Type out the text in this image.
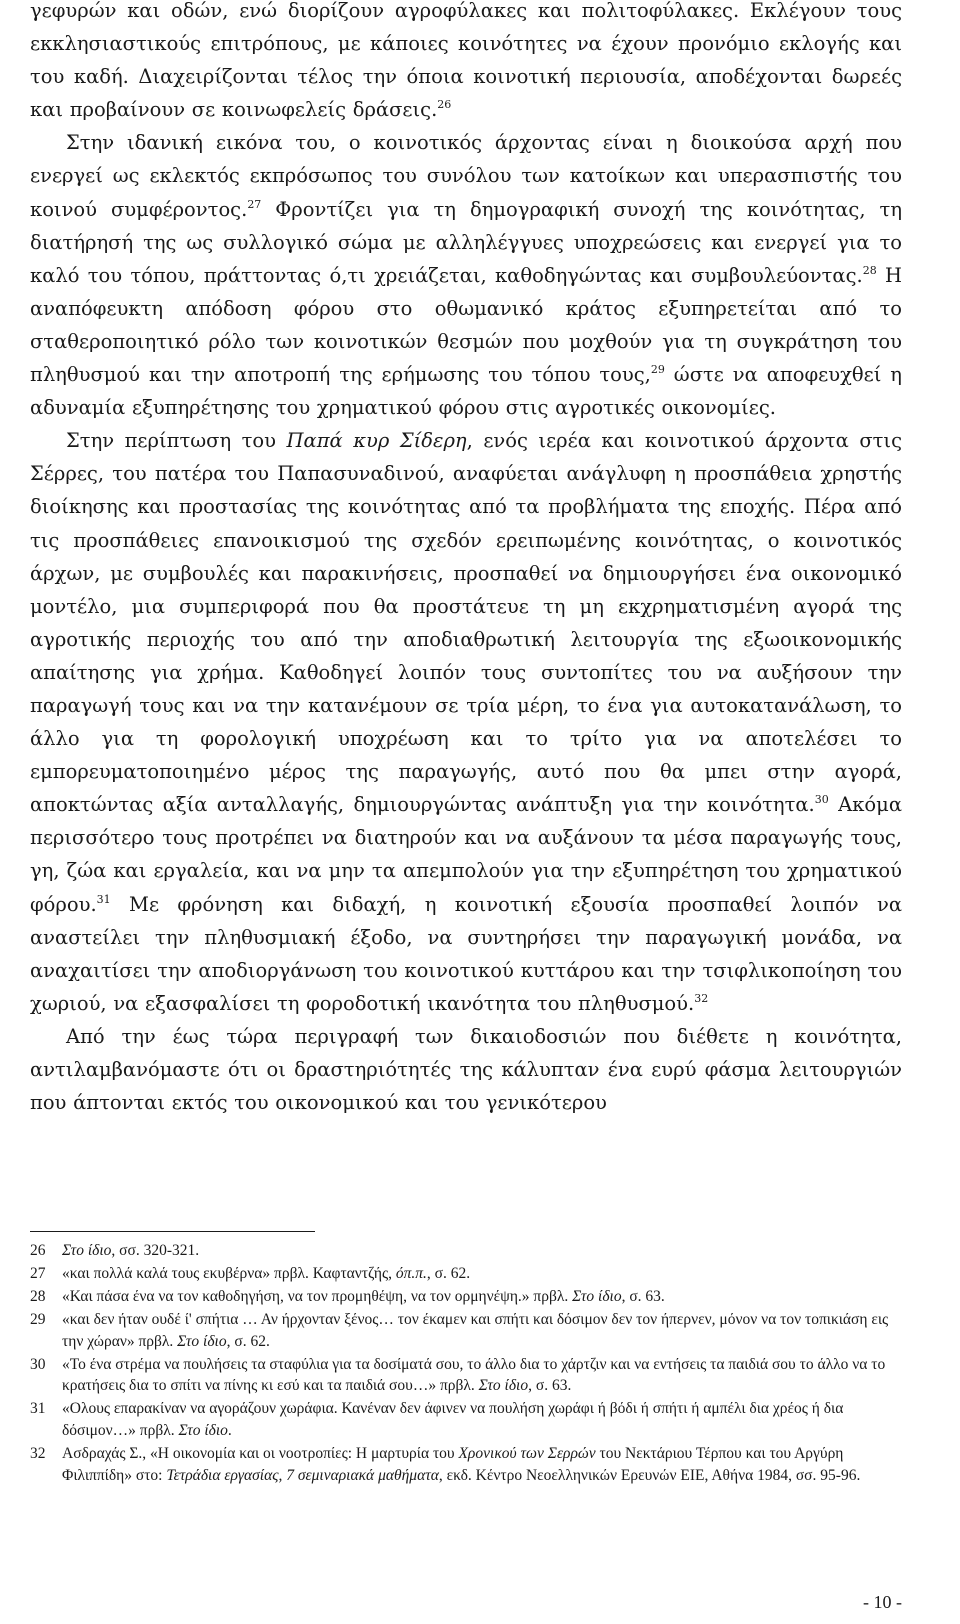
γεφυρών και οδών, ενώ διορίζουν αγροφύλακες και πολιτοφύλακες. Εκλέγουν τους εκκλησιαστικούς επιτρόπους, με κάποιες κοινότητες να έχουν προνόμιο εκλογής και του καδή. Διαχειρίζονται τέλος την όποια κοινοτική περιουσία, αποδέχονται δωρεές και προβαίνουν σε κοινωφελείς δράσεις.$^{26}$

Στην ιδανική εικόνα του, ο κοινοτικός άρχοντας είναι η διοικούσα αρχή που ενεργεί ως εκλεκτός εκπρόσωπος του συνόλου των κατοίκων και υπερασπιστής του κοινού συμφέροντος.$^{27}$ Φροντίζει για τη δημογραφική συνοχή της κοινότητας, τη διατήρησή της ως συλλογικό σώμα με αλληλέγγυες υποχρεώσεις και ενεργεί για το καλό του τόπου, πράττοντας ό,τι χρειάζεται, καθοδηγώντας και συμβουλεύοντας.$^{28}$ Η αναπόφευκτη απόδοση φόρου στο οθωμανικό κράτος εξυπηρετείται από το σταθεροποιητικό ρόλο των κοινοτικών θεσμών που μοχθούν για τη συγκράτηση του πληθυσμού και την αποτροπή της ερήμωσης του τόπου τους,$^{29}$ ώστε να αποφευχθεί η αδυναμία εξυπηρέτησης του χρηματικού φόρου στις αγροτικές οικονομίες.

Στην περίπτωση του Παπά κυρ Σίδερη, ενός ιερέα και κοινοτικού άρχοντα στις Σέρρες, του πατέρα του Παπασυναδινού, αναφύεται ανάγλυφη η προσπάθεια χρηστής διοίκησης και προστασίας της κοινότητας από τα προβλήματα της εποχής. Πέρα από τις προσπάθειες επανοικισμού της σχεδόν ερειπωμένης κοινότητας, ο κοινοτικός άρχων, με συμβουλές και παρακινήσεις, προσπαθεί να δημιουργήσει ένα οικονομικό μοντέλο, μια συμπεριφορά που θα προστάτευε τη μη εκχρηματισμένη αγορά της αγροτικής περιοχής του από την αποδιαθρωτική λειτουργία της εξωοικονομικής απαίτησης για χρήμα. Καθοδηγεί λοιπόν τους συντοπίτες του να αυξήσουν την παραγωγή τους και να την κατανέμουν σε τρία μέρη, το ένα για αυτοκατανάλωση, το άλλο για τη φορολογική υποχρέωση και το τρίτο για να αποτελέσει το εμπορευματοποιημένο μέρος της παραγωγής, αυτό που θα μπει στην αγορά, αποκτώντας αξία ανταλλαγής, δημιουργώντας ανάπτυξη για την κοινότητα.$^{30}$ Ακόμα περισσότερο τους προτρέπει να διατηρούν και να αυξάνουν τα μέσα παραγωγής τους, γη, ζώα και εργαλεία, και να μην τα απεμπολούν για την εξυπηρέτηση του χρηματικού φόρου.$^{31}$ Με φρόνηση και διδαχή, η κοινοτική εξουσία προσπαθεί λοιπόν να αναστείλει την πληθυσμιακή έξοδο, να συντηρήσει την παραγωγική μονάδα, να αναχαιτίσει την αποδιοργάνωση του κοινοτικού κυττάρου και την τσιφλικοποίηση του χωριού, να εξασφαλίσει τη φοροδοτική ικανότητα του πληθυσμού.$^{32}$

Από την έως τώρα περιγραφή των δικαιοδοσιών που διέθετε η κοινότητα, αντιλαμβανόμαστε ότι οι δραστηριότητές της κάλυπταν ένα ευρύ φάσμα λειτουργιών που άπτονται εκτός του οικονομικού και του γενικότερου

26 Στο ίδιο, σσ. 320-321.
27 «και πολλά καλά τους εκυβέρνα» πρβλ. Καφταντζής, όπ.π., σ. 62.
28 «Και πάσα ένα να τον καθοδηγήση, να τον προμηθέψη, να τον ορμηνέψη.» πρβλ. Στο ίδιο, σ. 63.
29 «και δεν ήταν ουδέ ί' σπήτια … Αν ήρχονταν ξένος… τον έκαμεν και σπήτι και δόσιμον δεν τον ήπερνεν, μόνον να τον τοπικιάση εις την χώραν» πρβλ. Στο ίδιο, σ. 62.
30 «Το ένα στρέμα να πουλήσεις τα σταφύλια για τα δοσίματά σου, το άλλο δια το χάρτζιν και να εντήσεις τα παιδιά σου το άλλο να το κρατήσεις δια το σπίτι να πίνης κι εσύ και τα παιδιά σου…» πρβλ. Στο ίδιο, σ. 63.
31 «Ολους επαρακίναν να αγοράζουν χωράφια. Κανέναν δεν άφινεν να πουλήση χωράφι ή βόδι ή σπήτι ή αμπέλι δια χρέος ή δια δόσιμον…» πρβλ. Στο ίδιο.
32 Ασδραχάς Σ., «Η οικονομία και οι νοοτροπίες: Η μαρτυρία του Χρονικού των Σερρών του Νεκτάριου Τέρπου και του Αργύρη Φιλιππίδη» στο: Τετράδια εργασίας, 7 σεμιναριακά μαθήματα, εκδ. Κέντρο Νεοελληνικών Ερευνών ΕΙΕ, Αθήνα 1984, σσ. 95-96.
- 10 -
